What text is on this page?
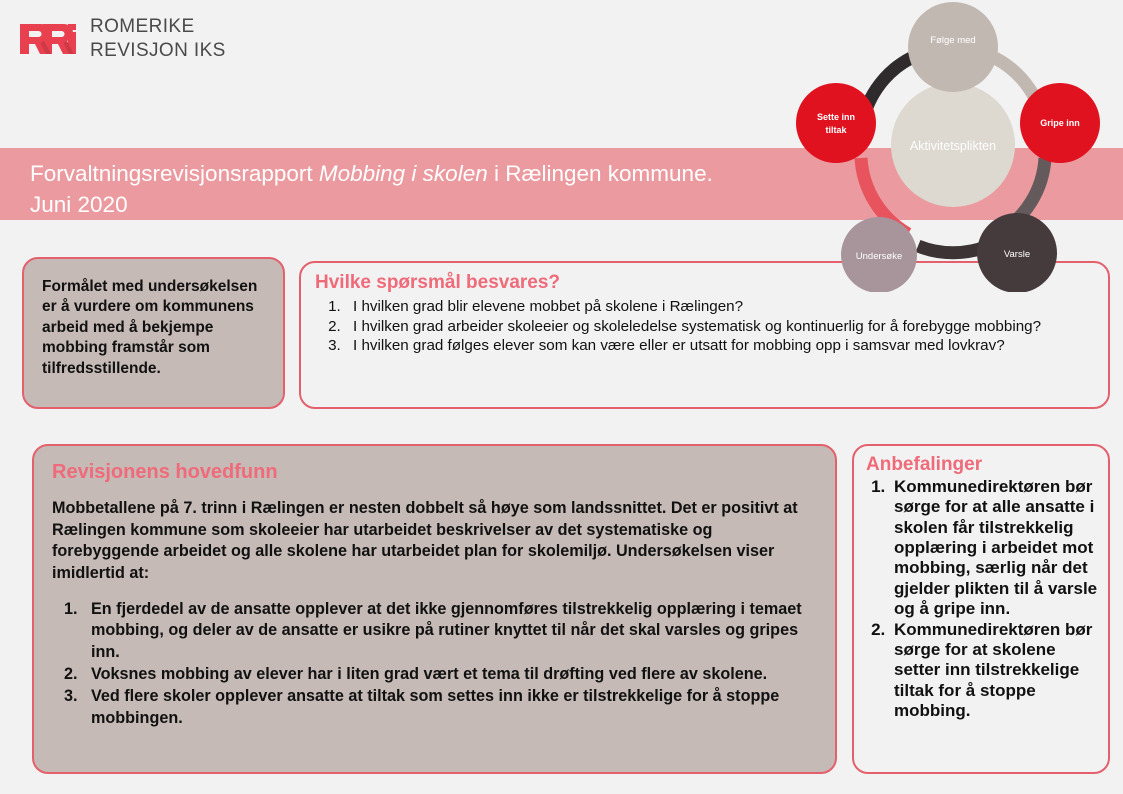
ROMERIKE
REVISJON IKS
Forvaltningsrevisjonsrapport Mobbing i skolen i Rælingen kommune.
Juni 2020
Aktivitetsplikten
Følge med
Gripe inn
Varsle
Undersøke
Sette inn
tiltak
Formålet med undersøkelsen er å vurdere om kommunens arbeid med å bekjempe mobbing framstår som tilfredsstillende.
Hvilke spørsmål besvares?
1. I hvilken grad blir elevene mobbet på skolene i Rælingen?
2. I hvilken grad arbeider skoleeier og skoleledelse systematisk og kontinuerlig for å forebygge mobbing?
3. I hvilken grad følges elever som kan være eller er utsatt for mobbing opp i samsvar med lovkrav?
Revisjonens hovedfunn

Mobbetallene på 7. trinn i Rælingen er nesten dobbelt så høye som landssnittet. Det er positivt at Rælingen kommune som skoleeier har utarbeidet beskrivelser av det systematiske og forebyggende arbeidet og alle skolene har utarbeidet plan for skolemiljø. Undersøkelsen viser imidlertid at:

1. En fjerdedel av de ansatte opplever at det ikke gjennomføres tilstrekkelig opplæring i temaet mobbing, og deler av de ansatte er usikre på rutiner knyttet til når det skal varsles og gripes inn.
2. Voksnes mobbing av elever har i liten grad vært et tema til drøfting ved flere av skolene.
3. Ved flere skoler opplever ansatte at tiltak som settes inn ikke er tilstrekkelige for å stoppe mobbingen.
Anbefalinger
1. Kommunedirektøren bør sørge for at alle ansatte i skolen får tilstrekkelig opplæring i arbeidet mot mobbing, særlig når det gjelder plikten til å varsle og å gripe inn.
2. Kommunedirektøren bør sørge for at skolene setter inn tilstrekkelige tiltak for å stoppe mobbing.
